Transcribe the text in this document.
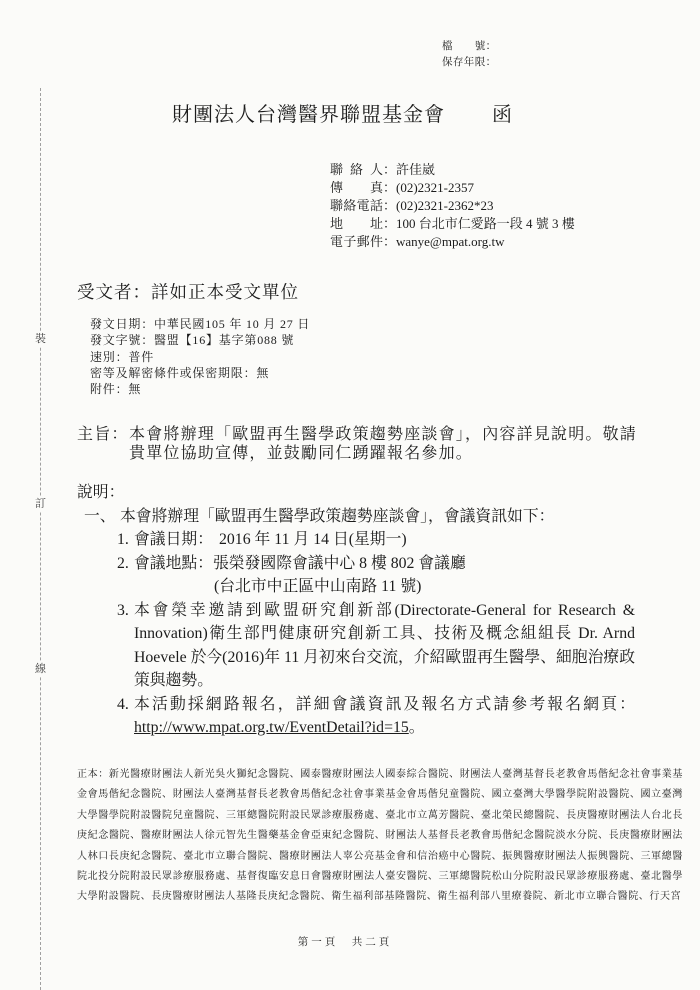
裝
訂
線
檔　　號：
保存年限：
財團法人台灣醫界聯盟基金會 函
聯 絡 人 ： 許佳崴
傳　　真 ： (02)2321-2357
聯絡電話 ： (02)2321-2362*23
地　　址 ： 100 台北市仁愛路一段 4 號 3 樓
電子郵件 ： wanye@mpat.org.tw
受文者：詳如正本受文單位
發文日期：中華民國105 年 10 月 27 日
發文字號：醫盟【16】基字第088 號
速別：普件
密等及解密條件或保密期限：無
附件：無
主旨： 本會將辦理「歐盟再生醫學政策趨勢座談會」，內容詳見說明。敬請貴單位協助宣傳，並鼓勵同仁踴躍報名參加。
說明：
一、 本會將辦理「歐盟再生醫學政策趨勢座談會」，會議資訊如下：
1. 會議日期： 2016 年 11 月 14 日(星期一)
2. 會議地點：張榮發國際會議中心 8 樓 802 會議廳
(台北市中正區中山南路 11 號)
3. 本會榮幸邀請到歐盟研究創新部(Directorate-General for Research & Innovation)衛生部門健康研究創新工具、技術及概念組組長 Dr. Arnd Hoevele 於今(2016)年 11 月初來台交流，介紹歐盟再生醫學、細胞治療政策與趨勢。
4. 本活動採網路報名，詳細會議資訊及報名方式請參考報名網頁：http://www.mpat.org.tw/EventDetail?id=15。
正本：新光醫療財團法人新光吳火獅紀念醫院、國泰醫療財團法人國泰綜合醫院、財團法人臺灣基督長老教會馬偕紀念社會事業基金會馬偕紀念醫院、財團法人臺灣基督長老教會馬偕紀念社會事業基金會馬偕兒童醫院、國立臺灣大學醫學院附設醫院、國立臺灣大學醫學院附設醫院兒童醫院、三軍總醫院附設民眾診療服務處、臺北市立萬芳醫院、臺北榮民總醫院、長庚醫療財團法人台北長庚紀念醫院、醫療財團法人徐元智先生醫藥基金會亞東紀念醫院、財團法人基督長老教會馬偕紀念醫院淡水分院、長庚醫療財團法人林口長庚紀念醫院、臺北市立聯合醫院、醫療財團法人辜公亮基金會和信治癌中心醫院、振興醫療財團法人振興醫院、三軍總醫院北投分院附設民眾診療服務處、基督復臨安息日會醫療財團法人臺安醫院、三軍總醫院松山分院附設民眾診療服務處、臺北醫學大學附設醫院、長庚醫療財團法人基隆長庚紀念醫院、衛生福利部基隆醫院、衛生福利部八里療養院、新北市立聯合醫院、行天宮
第一頁　共二頁
